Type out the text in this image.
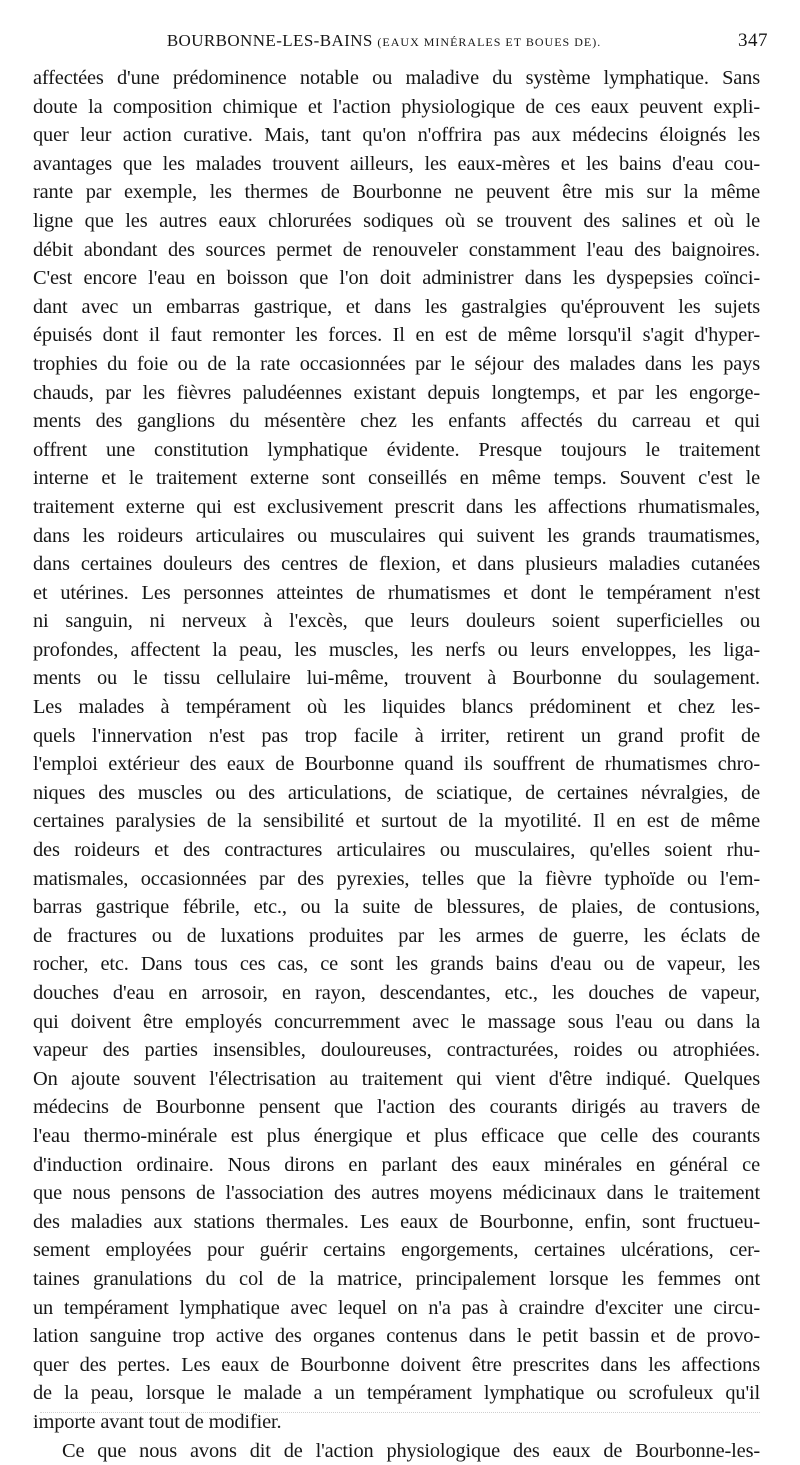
BOURBONNE-LES-BAINS (EAUX MINÉRALES ET BOUES DE).	347
affectées d'une prédominence notable ou maladive du système lymphatique. Sans
doute la composition chimique et l'action physiologique de ces eaux peuvent expli-
quer leur action curative. Mais, tant qu'on n'offrira pas aux médecins éloignés les
avantages que les malades trouvent ailleurs, les eaux-mères et les bains d'eau cou-
rante par exemple, les thermes de Bourbonne ne peuvent être mis sur la même
ligne que les autres eaux chlorurées sodiques où se trouvent des salines et où le
débit abondant des sources permet de renouveler constamment l'eau des baignoires.
C'est encore l'eau en boisson que l'on doit administrer dans les dyspepsies coïnci-
dant avec un embarras gastrique, et dans les gastralgies qu'éprouvent les sujets
épuisés dont il faut remonter les forces. Il en est de même lorsqu'il s'agit d'hyper-
trophies du foie ou de la rate occasionnées par le séjour des malades dans les pays
chauds, par les fièvres paludéennes existant depuis longtemps, et par les engorge-
ments des ganglions du mésentère chez les enfants affectés du carreau et qui
offrent une constitution lymphatique évidente. Presque toujours le traitement
interne et le traitement externe sont conseillés en même temps. Souvent c'est le
traitement externe qui est exclusivement prescrit dans les affections rhumatismales,
dans les roideurs articulaires ou musculaires qui suivent les grands traumatismes,
dans certaines douleurs des centres de flexion, et dans plusieurs maladies cutanées
et utérines. Les personnes atteintes de rhumatismes et dont le tempérament n'est
ni sanguin, ni nerveux à l'excès, que leurs douleurs soient superficielles ou
profondes, affectent la peau, les muscles, les nerfs ou leurs enveloppes, les liga-
ments ou le tissu cellulaire lui-même, trouvent à Bourbonne du soulagement.
Les malades à tempérament où les liquides blancs prédominent et chez les-
quels l'innervation n'est pas trop facile à irriter, retirent un grand profit de
l'emploi extérieur des eaux de Bourbonne quand ils souffrent de rhumatismes chro-
niques des muscles ou des articulations, de sciatique, de certaines névralgies, de
certaines paralysies de la sensibilité et surtout de la myotilité. Il en est de même
des roideurs et des contractures articulaires ou musculaires, qu'elles soient rhu-
matismales, occasionnées par des pyrexies, telles que la fièvre typhoïde ou l'em-
barras gastrique fébrile, etc., ou la suite de blessures, de plaies, de contusions,
de fractures ou de luxations produites par les armes de guerre, les éclats de
rocher, etc. Dans tous ces cas, ce sont les grands bains d'eau ou de vapeur, les
douches d'eau en arrosoir, en rayon, descendantes, etc., les douches de vapeur,
qui doivent être employés concurremment avec le massage sous l'eau ou dans la
vapeur des parties insensibles, douloureuses, contracturées, roides ou atrophiées.
On ajoute souvent l'électrisation au traitement qui vient d'être indiqué. Quelques
médecins de Bourbonne pensent que l'action des courants dirigés au travers de
l'eau thermo-minérale est plus énergique et plus efficace que celle des courants
d'induction ordinaire. Nous dirons en parlant des eaux minérales en général ce
que nous pensons de l'association des autres moyens médicinaux dans le traitement
des maladies aux stations thermales. Les eaux de Bourbonne, enfin, sont fructueu-
sement employées pour guérir certains engorgements, certaines ulcérations, cer-
taines granulations du col de la matrice, principalement lorsque les femmes ont
un tempérament lymphatique avec lequel on n'a pas à craindre d'exciter une circu-
lation sanguine trop active des organes contenus dans le petit bassin et de provo-
quer des pertes. Les eaux de Bourbonne doivent être prescrites dans les affections
de la peau, lorsque le malade a un tempérament lymphatique ou scrofuleux qu'il
importe avant tout de modifier.
Ce que nous avons dit de l'action physiologique des eaux de Bourbonne-les-
